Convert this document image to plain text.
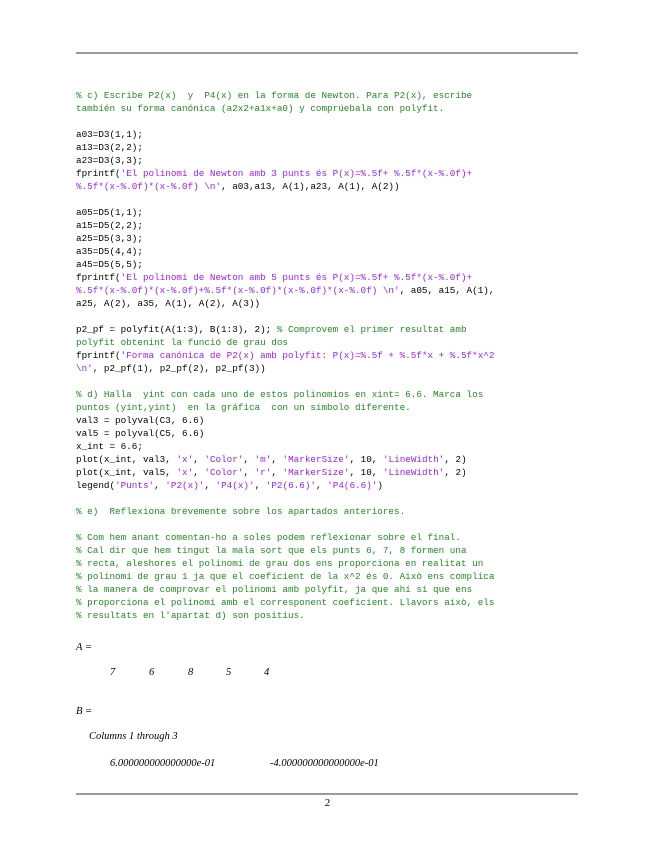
% c) Escribe P2(x)  y  P4(x) en la forma de Newton. Para P2(x), escribe
también su forma canónica (a2x2+a1x+a0) y comprúebala con polyfit.
a03=D3(1,1);
a13=D3(2,2);
a23=D3(3,3);
fprintf('El polinomi de Newton amb 3 punts és P(x)=%.5f+ %.5f*(x-%.0f)+
%.5f*(x-%.0f)*(x-%.0f) \n', a03,a13, A(1),a23, A(1), A(2))
a05=D5(1,1);
a15=D5(2,2);
a25=D5(3,3);
a35=D5(4,4);
a45=D5(5,5);
fprintf('El polinomi de Newton amb 5 punts és P(x)=%.5f+ %.5f*(x-%.0f)+
%.5f*(x-%.0f)*(x-%.0f)+%.5f*(x-%.0f)*(x-%.0f)*(x-%.0f) \n', a05, a15, A(1),
a25, A(2), a35, A(1), A(2), A(3))
p2_pf = polyfit(A(1:3), B(1:3), 2); % Comprovem el primer resultat amb
polyfit obtenint la funció de grau dos
fprintf('Forma canónica de P2(x) amb polyfit: P(x)=%.5f + %.5f*x + %.5f*x^2
\n', p2_pf(1), p2_pf(2), p2_pf(3))
% d) Halla  yint con cada uno de estos polinomios en xint= 6.6. Marca los
puntos (yint,yint)  en la gráfica  con un símbolo diferente.
val3 = polyval(C3, 6.6)
val5 = polyval(C5, 6.6)
x_int = 6.6;
plot(x_int, val3, 'x', 'Color', 'm', 'MarkerSize', 10, 'LineWidth', 2)
plot(x_int, val5, 'x', 'Color', 'r', 'MarkerSize', 10, 'LineWidth', 2)
legend('Punts', 'P2(x)', 'P4(x)', 'P2(6.6)', 'P4(6.6)')
% e)  Reflexiona brevemente sobre los apartados anteriores.
% Com hem anant comentan-ho a soles podem reflexionar sobre el final.
% Cal dir que hem tingut la mala sort que els punts 6, 7, 8 formen una
% recta, aleshores el polinomi de grau dos ens proporciona en realitat un
% polinomi de grau 1 ja que el coeficient de la x^2 és 0. Això ens complica
% la manera de comprovar el polinomi amb polyfit, ja que ahí si que ens
% proporciona el polinomi amb el corresponent coeficient. Llavors això, els
% resultats en l'apartat d) son positius.
A =
7	6	8	5	4
B =
Columns 1 through 3
6.000000000000000e-01	-4.000000000000000e-01
2
